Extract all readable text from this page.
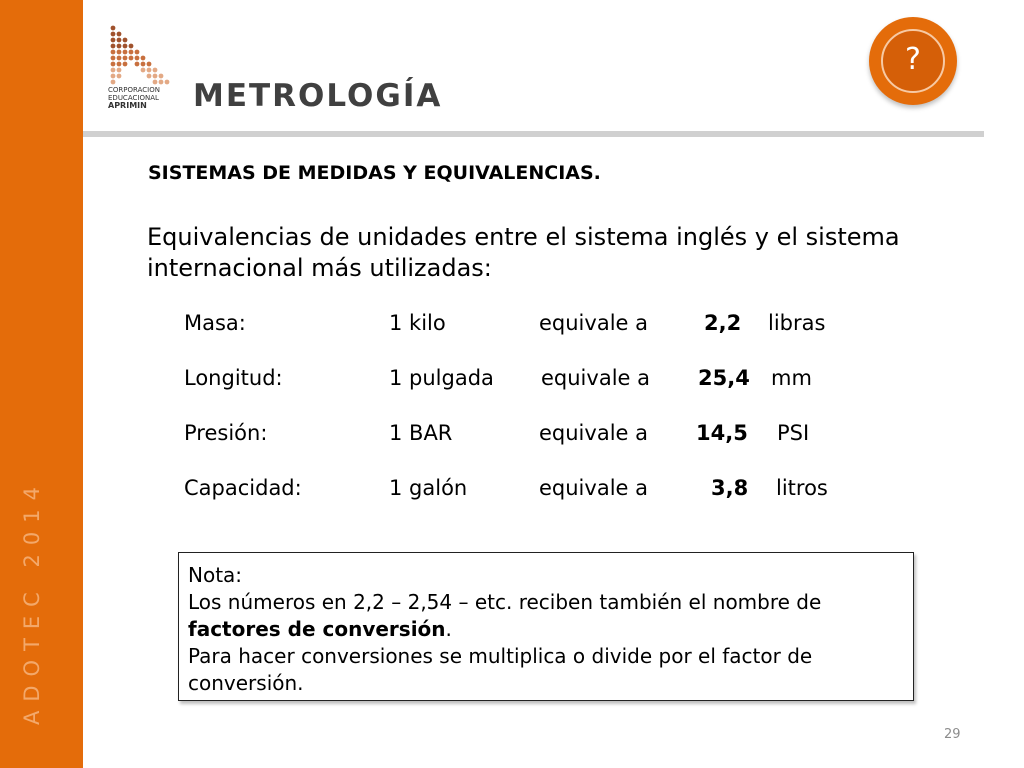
ADOTEC 2014
CORPORACION
EDUCACIONAL
APRIMIN	METROLOGÍA
?
SISTEMAS DE MEDIDAS Y EQUIVALENCIAS.
Equivalencias de unidades entre el sistema inglés y el sistema internacional más utilizadas:
Masa:	1 kilo	equivale a	2,2 libras
Longitud:	1 pulgada equivale a 25,4 mm
Presión:	1 BAR	equivale a 14,5 PSI
Capacidad:	1 galón	equivale a	3,8 litros
Nota:
Los números en 2,2 – 2,54 – etc. reciben también el nombre de factores de conversión.
Para hacer conversiones se multiplica o divide por el factor de conversión.
29
